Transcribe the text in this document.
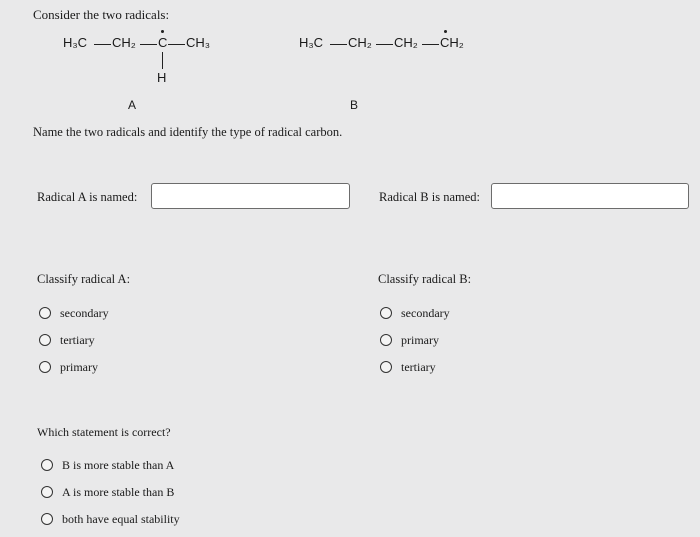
Consider the two radicals:
H₃C CH₂ C CH₃
H
A
H₃C CH₂ CH₂ CH₂
B
Name the two radicals and identify the type of radical carbon.
Radical A is named:	Radical B is named:
Classify radical A:
secondary
tertiary
primary
Classify radical B:
secondary
primary
tertiary
Which statement is correct?
B is more stable than A
A is more stable than B
both have equal stability
